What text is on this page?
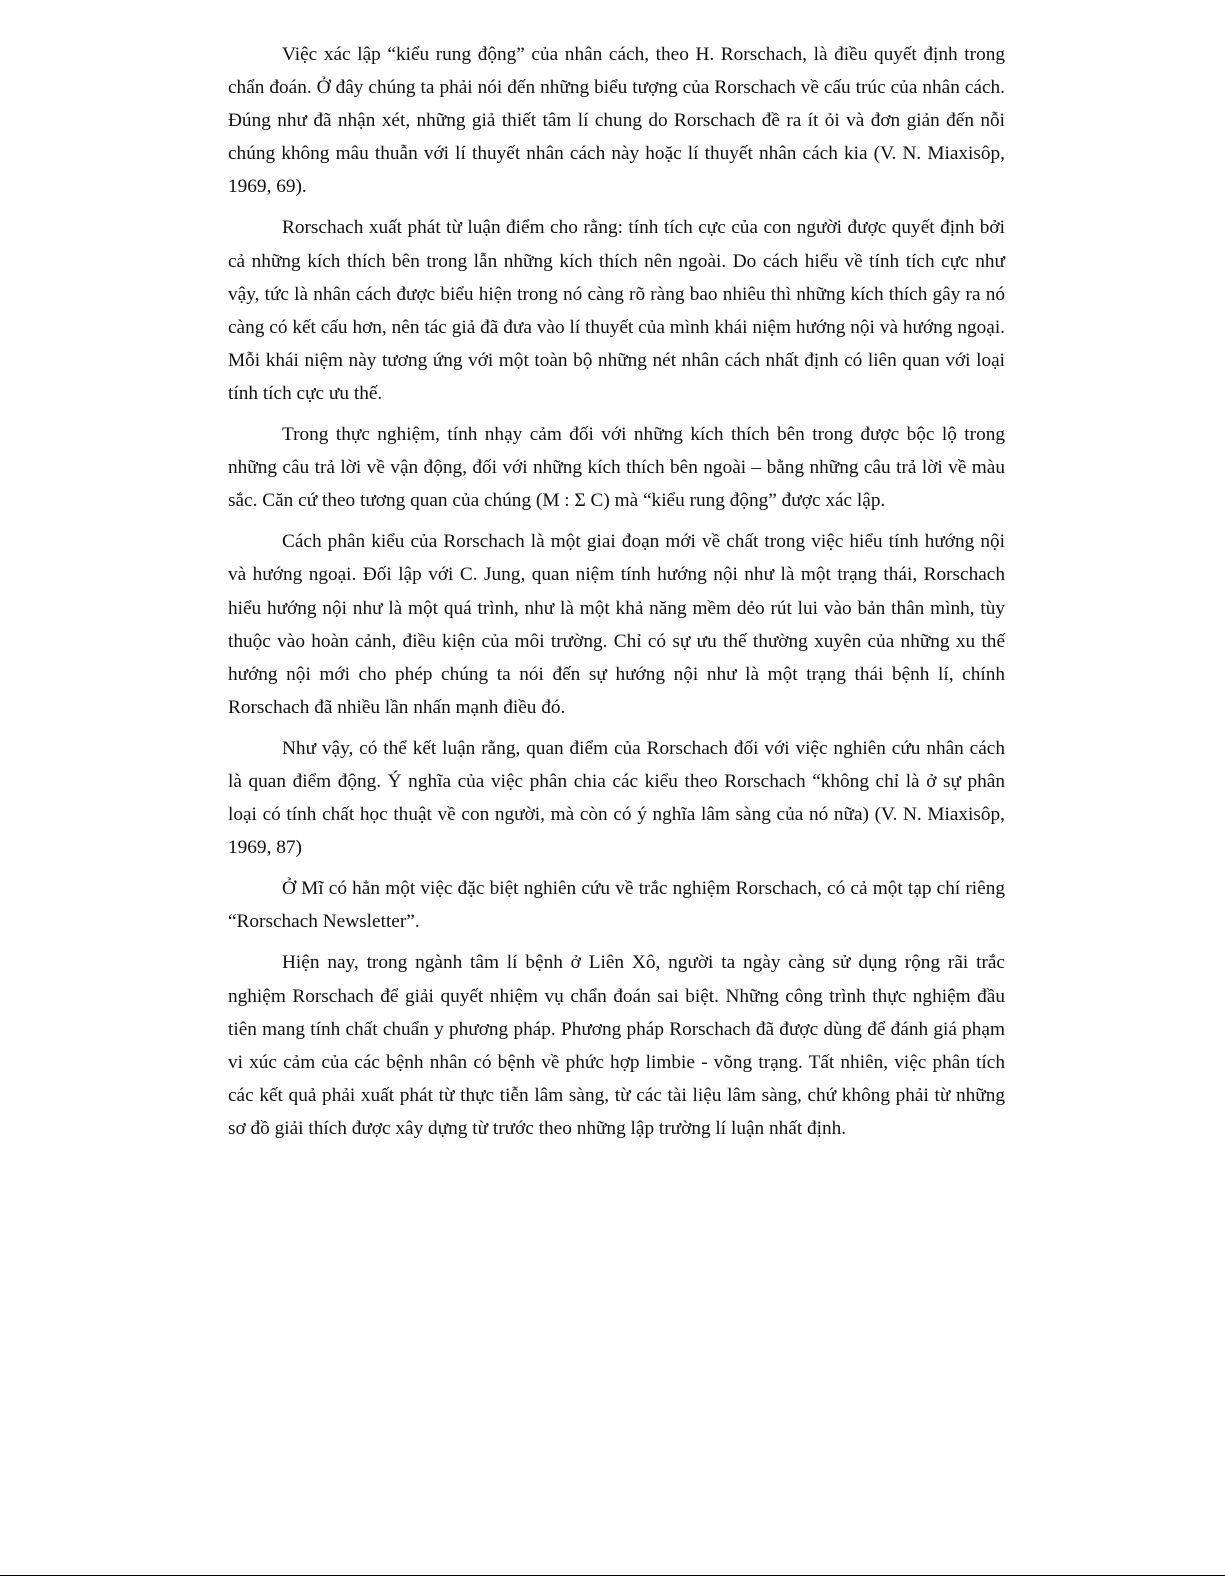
Việc xác lập “kiểu rung động” của nhân cách, theo H. Rorschach, là điều quyết định trong chẩn đoán. Ở đây chúng ta phải nói đến những biểu tượng của Rorschach về cấu trúc của nhân cách. Đúng như đã nhận xét, những giả thiết tâm lí chung do Rorschach đề ra ít ỏi và đơn giản đến nỗi chúng không mâu thuẫn với lí thuyết nhân cách này hoặc lí thuyết nhân cách kia (V. N. Miaxisôp, 1969, 69).

Rorschach xuất phát từ luận điểm cho rằng: tính tích cực của con người được quyết định bởi cả những kích thích bên trong lẫn những kích thích nên ngoài. Do cách hiểu về tính tích cực như vậy, tức là nhân cách được biểu hiện trong nó càng rõ ràng bao nhiêu thì những kích thích gây ra nó càng có kết cấu hơn, nên tác giả đã đưa vào lí thuyết của mình khái niệm hướng nội và hướng ngoại. Mỗi khái niệm này tương ứng với một toàn bộ những nét nhân cách nhất định có liên quan với loại tính tích cực ưu thế.

Trong thực nghiệm, tính nhạy cảm đối với những kích thích bên trong được bộc lộ trong những câu trả lời về vận động, đối với những kích thích bên ngoài – bằng những câu trả lời về màu sắc. Căn cứ theo tương quan của chúng (M : Σ C) mà “kiểu rung động” được xác lập.

Cách phân kiểu của Rorschach là một giai đoạn mới về chất trong việc hiểu tính hướng nội và hướng ngoại. Đối lập với C. Jung, quan niệm tính hướng nội như là một trạng thái, Rorschach hiểu hướng nội như là một quá trình, như là một khả năng mềm dẻo rút lui vào bản thân mình, tùy thuộc vào hoàn cảnh, điều kiện của môi trường. Chỉ có sự ưu thế thường xuyên của những xu thế hướng nội mới cho phép chúng ta nói đến sự hướng nội như là một trạng thái bệnh lí, chính Rorschach đã nhiều lần nhấn mạnh điều đó.

Như vậy, có thể kết luận rằng, quan điểm của Rorschach đối với việc nghiên cứu nhân cách là quan điểm động. Ý nghĩa của việc phân chia các kiểu theo Rorschach “không chỉ là ở sự phân loại có tính chất học thuật về con người, mà còn có ý nghĩa lâm sàng của nó nữa) (V. N. Miaxisôp, 1969, 87)

Ở Mĩ có hẳn một việc đặc biệt nghiên cứu về trắc nghiệm Rorschach, có cả một tạp chí riêng “Rorschach Newsletter”.

Hiện nay, trong ngành tâm lí bệnh ở Liên Xô, người ta ngày càng sử dụng rộng rãi trắc nghiệm Rorschach để giải quyết nhiệm vụ chẩn đoán sai biệt. Những công trình thực nghiệm đầu tiên mang tính chất chuẩn y phương pháp. Phương pháp Rorschach đã được dùng để đánh giá phạm vi xúc cảm của các bệnh nhân có bệnh về phức hợp limbie - võng trạng. Tất nhiên, việc phân tích các kết quả phải xuất phát từ thực tiễn lâm sàng, từ các tài liệu lâm sàng, chứ không phải từ những sơ đồ giải thích được xây dựng từ trước theo những lập trường lí luận nhất định.
